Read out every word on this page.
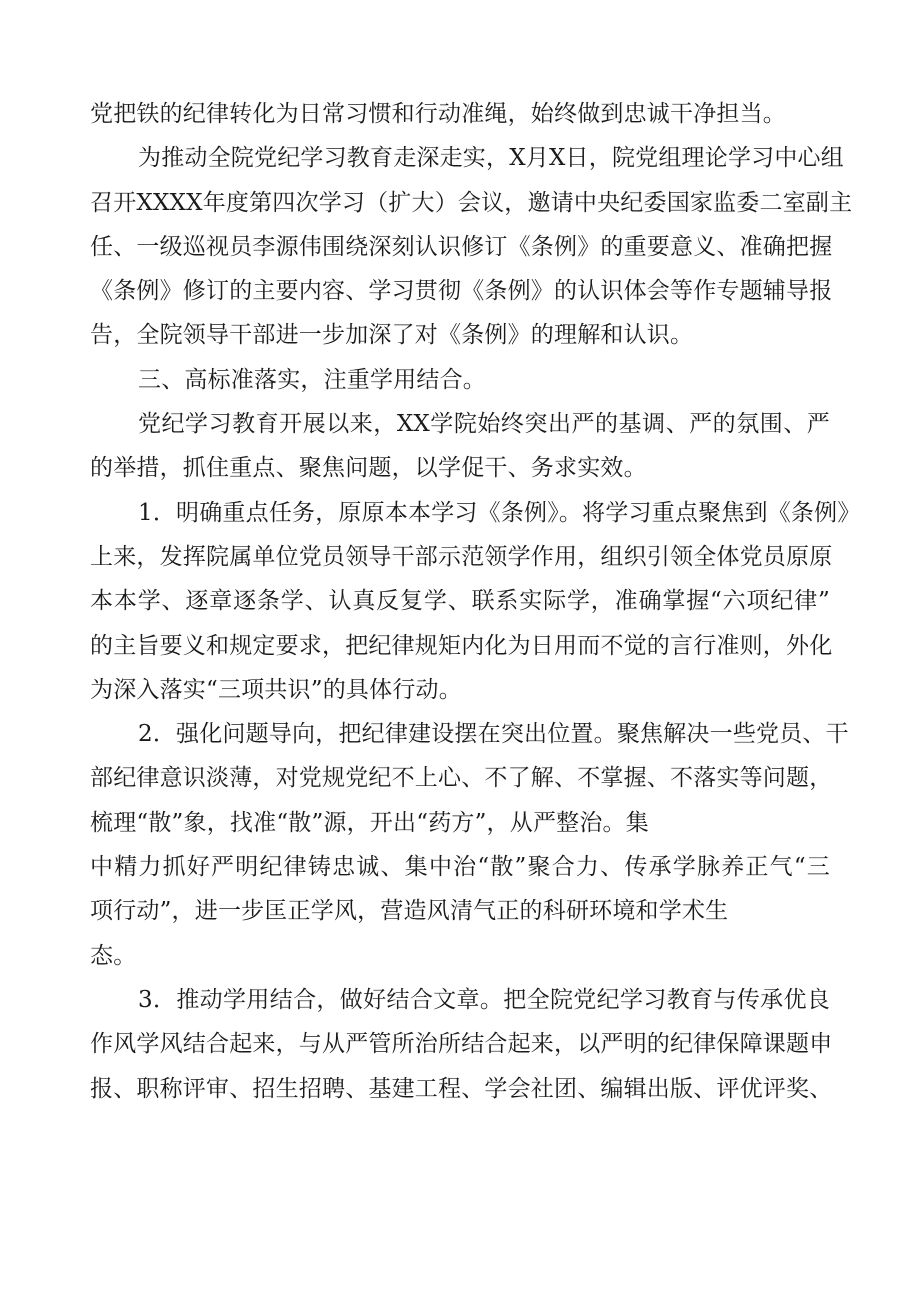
党把铁的纪律转化为日常习惯和行动准绳，始终做到忠诚干净担当。
为推动全院党纪学习教育走深走实，X月X日，院党组理论学习中心组
召开XXXX年度第四次学习（扩大）会议，邀请中央纪委国家监委二室副主
任、一级巡视员李源伟围绕深刻认识修订《条例》的重要意义、准确把握
《条例》修订的主要内容、学习贯彻《条例》的认识体会等作专题辅导报
告，全院领导干部进一步加深了对《条例》的理解和认识。
三、高标准落实，注重学用结合。
党纪学习教育开展以来，XX学院始终突出严的基调、严的氛围、严
的举措，抓住重点、聚焦问题，以学促干、务求实效。
1．明确重点任务，原原本本学习《条例》。将学习重点聚焦到《条例》
上来，发挥院属单位党员领导干部示范领学作用，组织引领全体党员原原
本本学、逐章逐条学、认真反复学、联系实际学，准确掌握“六项纪律”
的主旨要义和规定要求，把纪律规矩内化为日用而不觉的言行准则，外化
为深入落实“三项共识”的具体行动。
2．强化问题导向，把纪律建设摆在突出位置。聚焦解决一些党员、干
部纪律意识淡薄，对党规党纪不上心、不了解、不掌握、不落实等问题，
梳理“散”象，找准“散”源，开出“药方”，从严整治。集
中精力抓好严明纪律铸忠诚、集中治“散”聚合力、传承学脉养正气“三
项行动”，进一步匡正学风，营造风清气正的科研环境和学术生
态。
3．推动学用结合，做好结合文章。把全院党纪学习教育与传承优良
作风学风结合起来，与从严管所治所结合起来，以严明的纪律保障课题申
报、职称评审、招生招聘、基建工程、学会社团、编辑出版、评优评奖、
